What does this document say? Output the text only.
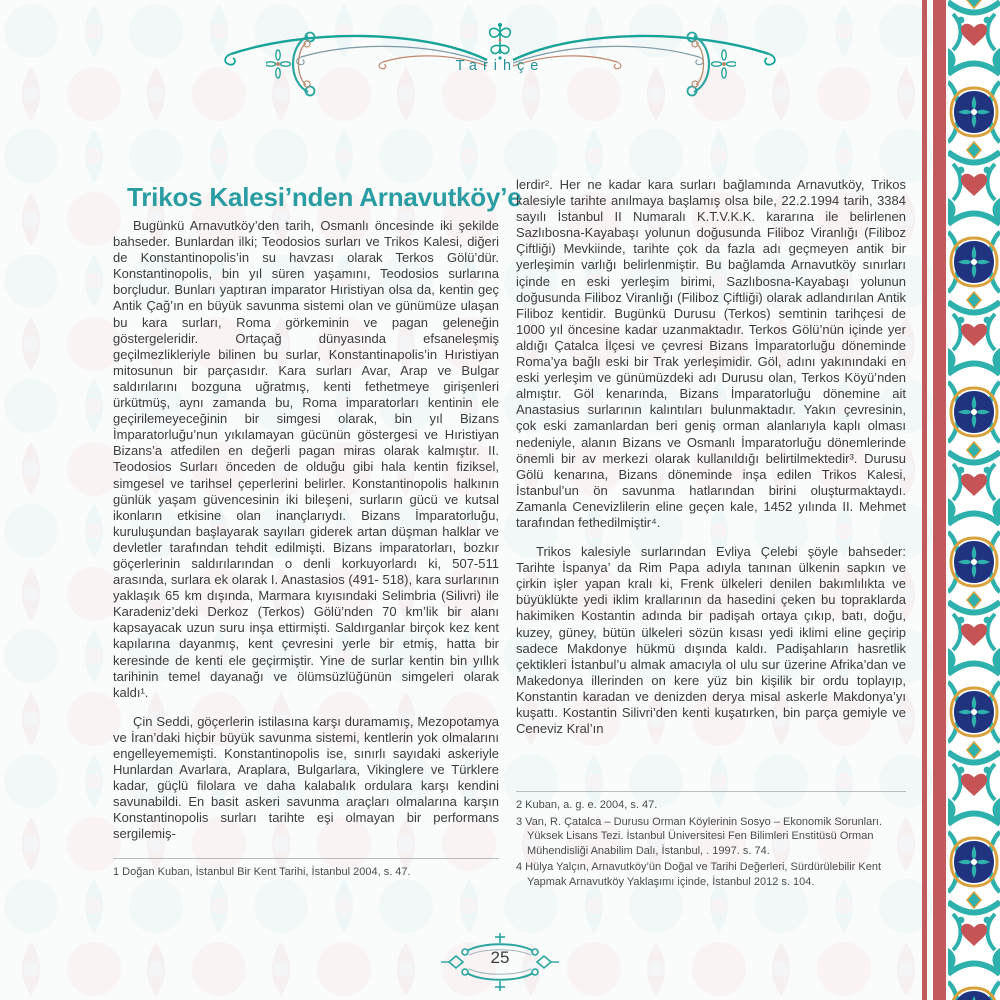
Tarihçe
Trikos Kalesi’nden Arnavutköy’e

Bugünkü Arnavutköy’den tarih, Osmanlı öncesinde iki şekilde bahseder. Bunlardan ilki; Teodosios surları ve Trikos Kalesi, diğeri de Konstantinopolis’in su havzası olarak Terkos Gölü’dür. Konstantinopolis, bin yıl süren yaşamını, Teodosios surlarına borçludur. Bunları yaptıran imparator Hıristiyan olsa da, kentin geç Antik Çağ’ın en büyük savunma sistemi olan ve günümüze ulaşan bu kara surları, Roma görkeminin ve pagan geleneğin göstergeleridir. Ortaçağ dünyasında efsaneleşmiş geçilmezlikleriyle bilinen bu surlar, Konstantinapolis’in Hıristiyan mitosunun bir parçasıdır. Kara surları Avar, Arap ve Bulgar saldırılarını bozguna uğratmış, kenti fethetmeye girişenleri ürkütmüş, aynı zamanda bu, Roma imparatorları kentinin ele geçirilemeyeceğinin bir simgesi olarak, bin yıl Bizans İmparatorluğu’nun yıkılamayan gücünün göstergesi ve Hıristiyan Bizans’a atfedilen en değerli pagan miras olarak kalmıştır. II. Teodosios Surları önceden de olduğu gibi hala kentin fiziksel, simgesel ve tarihsel çeperlerini belirler. Konstantinopolis halkının günlük yaşam güvencesinin iki bileşeni, surların gücü ve kutsal ikonların etkisine olan inançlarıydı. Bizans İmparatorluğu, kuruluşundan başlayarak sayıları giderek artan düşman halklar ve devletler tarafından tehdit edilmişti. Bizans imparatorları, bozkır göçerlerinin saldırılarından o denli korkuyorlardı ki, 507-511 arasında, surlara ek olarak I. Anastasios (491- 518), kara surlarının yaklaşık 65 km dışında, Marmara kıyısındaki Selimbria (Silivri) ile Karadeniz’deki Derkoz (Terkos) Gölü’nden 70 km’lik bir alanı kapsayacak uzun suru inşa ettirmişti. Saldırganlar birçok kez kent kapılarına dayanmış, kent çevresini yerle bir etmiş, hatta bir keresinde de kenti ele geçirmiştir. Yine de surlar kentin bin yıllık tarihinin temel dayanağı ve ölümsüzlüğünün simgeleri olarak kaldı¹.

Çin Seddi, göçerlerin istilasına karşı duramamış, Mezopotamya ve İran’daki hiçbir büyük savunma sistemi, kentlerin yok olmalarını engelleyememişti. Konstantinopolis ise, sınırlı sayıdaki askeriyle Hunlardan Avarlara, Araplara, Bulgarlara, Vikinglere ve Türklere kadar, güçlü filolara ve daha kalabalık ordulara karşı kendini savunabildi. En basit askeri savunma araçları olmalarına karşın Konstantinopolis surları tarihte eşi olmayan bir performans sergilemiş-

lerdir². Her ne kadar kara surları bağlamında Arnavutköy, Trikos kalesiyle tarihte anılmaya başlamış olsa bile, 22.2.1994 tarih, 3384 sayılı İstanbul II Numaralı K.T.V.K.K. kararına ile belirlenen Sazlıbosna-Kayabaşı yolunun doğusunda Filiboz Viranlığı (Filiboz Çiftliği) Mevkiinde, tarihte çok da fazla adı geçmeyen antik bir yerleşimin varlığı belirlenmiştir. Bu bağlamda Arnavutköy sınırları içinde en eski yerleşim birimi, Sazlıbosna-Kayabaşı yolunun doğusunda Filiboz Viranlığı (Filiboz Çiftliği) olarak adlandırılan Antik Filiboz kentidir. Bugünkü Durusu (Terkos) semtinin tarihçesi de 1000 yıl öncesine kadar uzanmaktadır. Terkos Gölü’nün içinde yer aldığı Çatalca İlçesi ve çevresi Bizans İmparatorluğu döneminde Roma’ya bağlı eski bir Trak yerleşimidir. Göl, adını yakınındaki en eski yerleşim ve günümüzdeki adı Durusu olan, Terkos Köyü’nden almıştır. Göl kenarında, Bizans İmparatorluğu dönemine ait Anastasius surlarının kalıntıları bulunmaktadır. Yakın çevresinin, çok eski zamanlardan beri geniş orman alanlarıyla kaplı olması nedeniyle, alanın Bizans ve Osmanlı İmparatorluğu dönemlerinde önemli bir av merkezi olarak kullanıldığı belirtilmektedir³. Durusu Gölü kenarına, Bizans döneminde inşa edilen Trikos Kalesi, İstanbul’un ön savunma hatlarından birini oluşturmaktaydı. Zamanla Cenevizlilerin eline geçen kale, 1452 yılında II. Mehmet tarafından fethedilmiştir⁴.

Trikos kalesiyle surlarından Evliya Çelebi şöyle bahseder: Tarihte İspanya’ da Rim Papa adıyla tanınan ülkenin sapkın ve çirkin işler yapan kralı ki, Frenk ülkeleri denilen bakımlılıkta ve büyüklükte yedi iklim krallarının da hasedini çeken bu topraklarda hakimiken Kostantin adında bir padişah ortaya çıkıp, batı, doğu, kuzey, güney, bütün ülkeleri sözün kısası yedi iklimi eline geçirip sadece Makdonye hükmü dışında kaldı. Padişahların hasretlik çektikleri İstanbul’u almak amacıyla ol ulu sur üzerine Afrika’dan ve Makedonya illerinden on kere yüz bin kişilik bir ordu toplayıp, Konstantin karadan ve denizden derya misal askerle Makdonya’yı kuşattı. Kostantin Silivri’den kenti kuşatırken, bin parça gemiyle ve Ceneviz Kral’ın

1 Doğan Kuban, İstanbul Bir Kent Tarihi, İstanbul 2004, s. 47.

2 Kuban, a. g. e. 2004, s. 47.

3 Van, R. Çatalca – Durusu Orman Köylerinin Sosyo – Ekonomik Sorunları. Yüksek Lisans Tezi. İstanbul Üniversitesi Fen Bilimleri Enstitüsü Orman Mühendisliği Anabilim Dalı, İstanbul, . 1997. s. 74.

4 Hülya Yalçın, Arnavutköy’ün Doğal ve Tarihi Değerleri, Sürdürülebilir Kent Yapmak Arnavutköy Yaklaşımı içinde, İstanbul 2012 s. 104.

25
